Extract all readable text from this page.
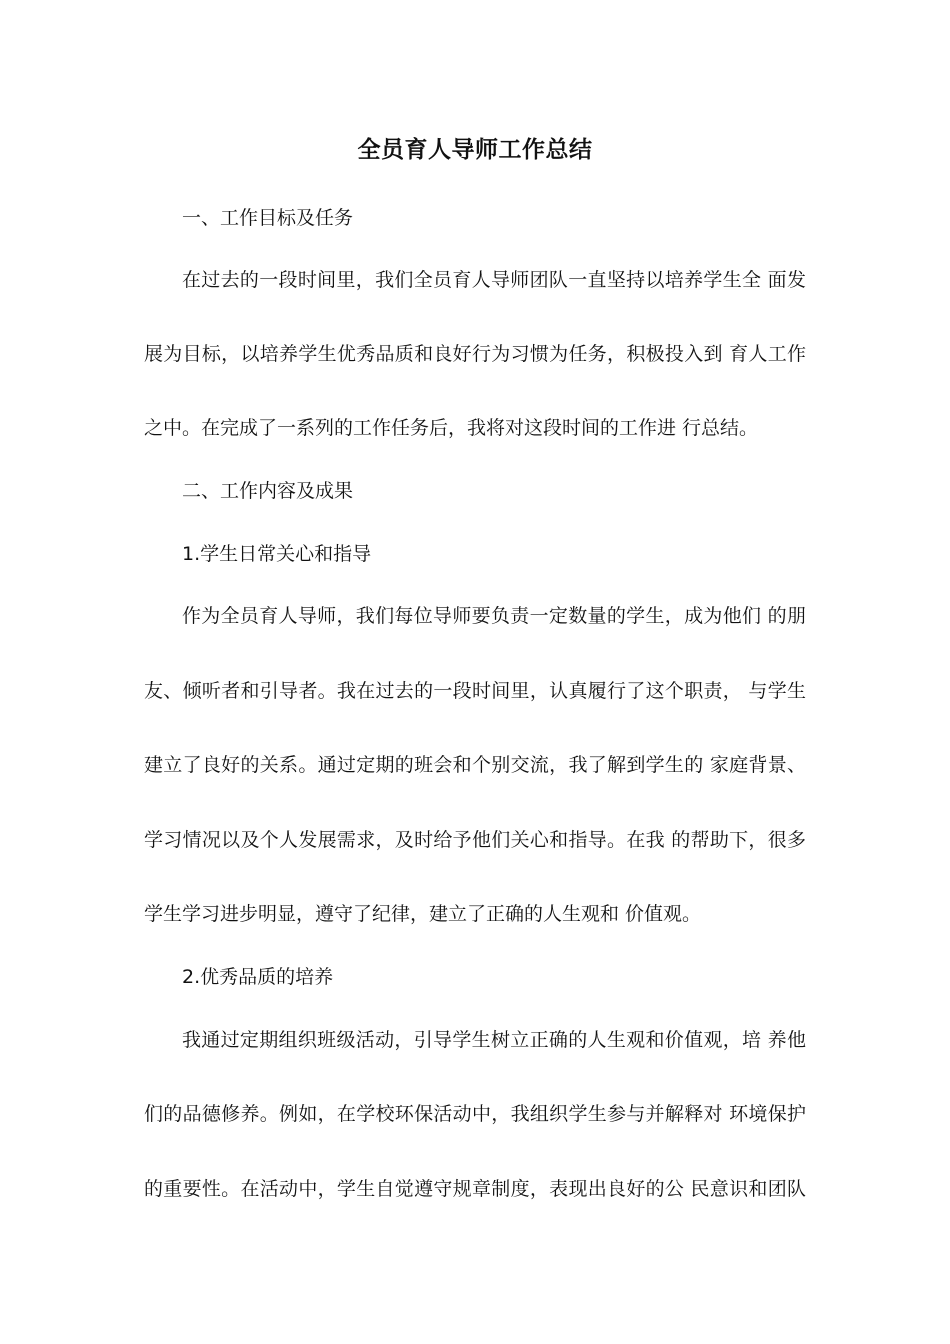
全员育人导师工作总结
一、工作目标及任务
在过去的一段时间里，我们全员育人导师团队一直坚持以培养学生全 面发
展为目标，以培养学生优秀品质和良好行为习惯为任务，积极投入到 育人工作
之中。在完成了一系列的工作任务后，我将对这段时间的工作进 行总结。
二、工作内容及成果
1.学生日常关心和指导
作为全员育人导师，我们每位导师要负责一定数量的学生，成为他们 的朋
友、倾听者和引导者。我在过去的一段时间里，认真履行了这个职责， 与学生
建立了良好的关系。通过定期的班会和个别交流，我了解到学生的 家庭背景、
学习情况以及个人发展需求，及时给予他们关心和指导。在我 的帮助下，很多
学生学习进步明显，遵守了纪律，建立了正确的人生观和 价值观。
2.优秀品质的培养
我通过定期组织班级活动，引导学生树立正确的人生观和价值观，培 养他
们的品德修养。例如，在学校环保活动中，我组织学生参与并解释对 环境保护
的重要性。在活动中，学生自觉遵守规章制度，表现出良好的公 民意识和团队
